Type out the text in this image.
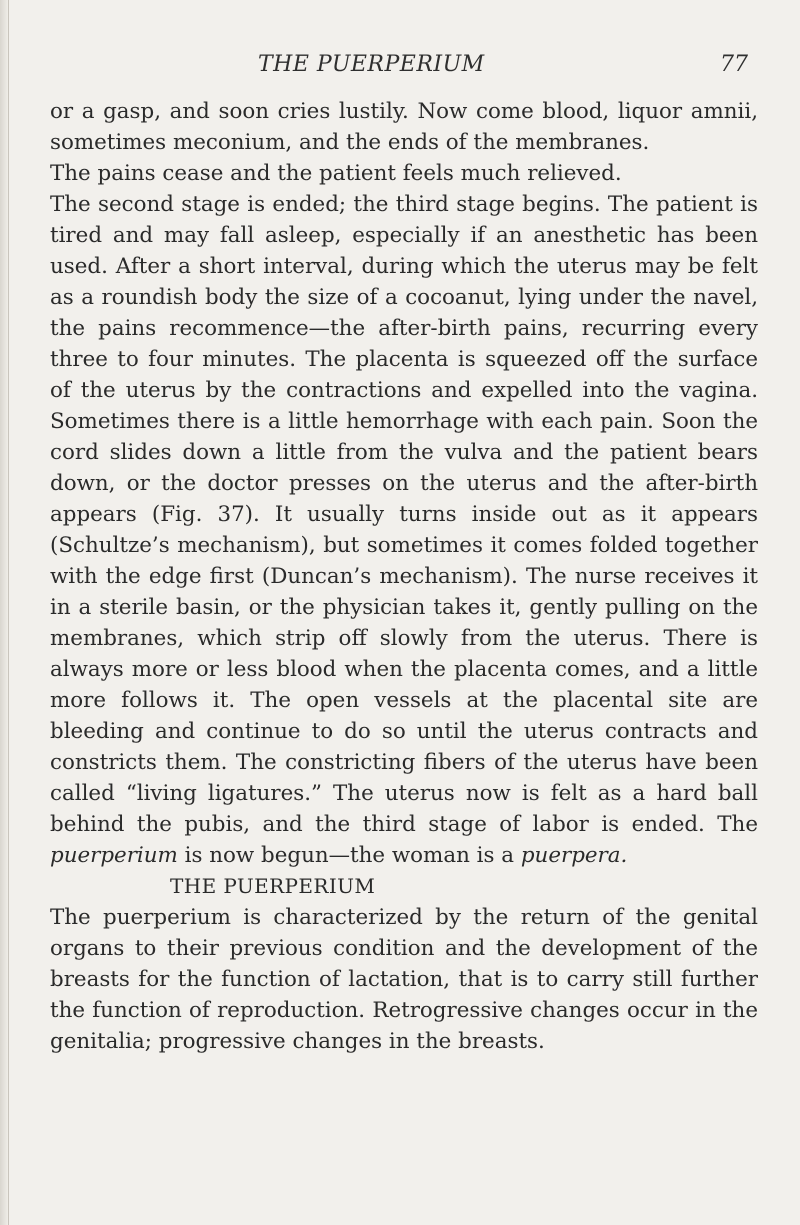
THE PUERPERIUM	77

or a gasp, and soon cries lustily. Now come blood, liquor amnii, sometimes meconium, and the ends of the membranes.

The pains cease and the patient feels much relieved.

The second stage is ended; the third stage begins. The patient is tired and may fall asleep, especially if an anesthetic has been used. After a short interval, during which the uterus may be felt as a roundish body the size of a cocoanut, lying under the navel, the pains recommence—the after-birth pains, recurring every three to four minutes. The placenta is squeezed off the surface of the uterus by the contractions and expelled into the vagina. Sometimes there is a little hemorrhage with each pain. Soon the cord slides down a little from the vulva and the patient bears down, or the doctor presses on the uterus and the after-birth appears (Fig. 37). It usually turns inside out as it appears (Schultze’s mechanism), but sometimes it comes folded together with the edge first (Duncan’s mechanism). The nurse receives it in a sterile basin, or the physician takes it, gently pulling on the membranes, which strip off slowly from the uterus. There is always more or less blood when the placenta comes, and a little more follows it. The open vessels at the placental site are bleeding and continue to do so until the uterus contracts and constricts them. The constricting fibers of the uterus have been called “living ligatures.” The uterus now is felt as a hard ball behind the pubis, and the third stage of labor is ended. The puerperium is now begun—the woman is a puerpera.

THE PUERPERIUM

The puerperium is characterized by the return of the genital organs to their previous condition and the development of the breasts for the function of lactation, that is to carry still further the function of reproduction. Retrogressive changes occur in the genitalia; progressive changes in the breasts.
